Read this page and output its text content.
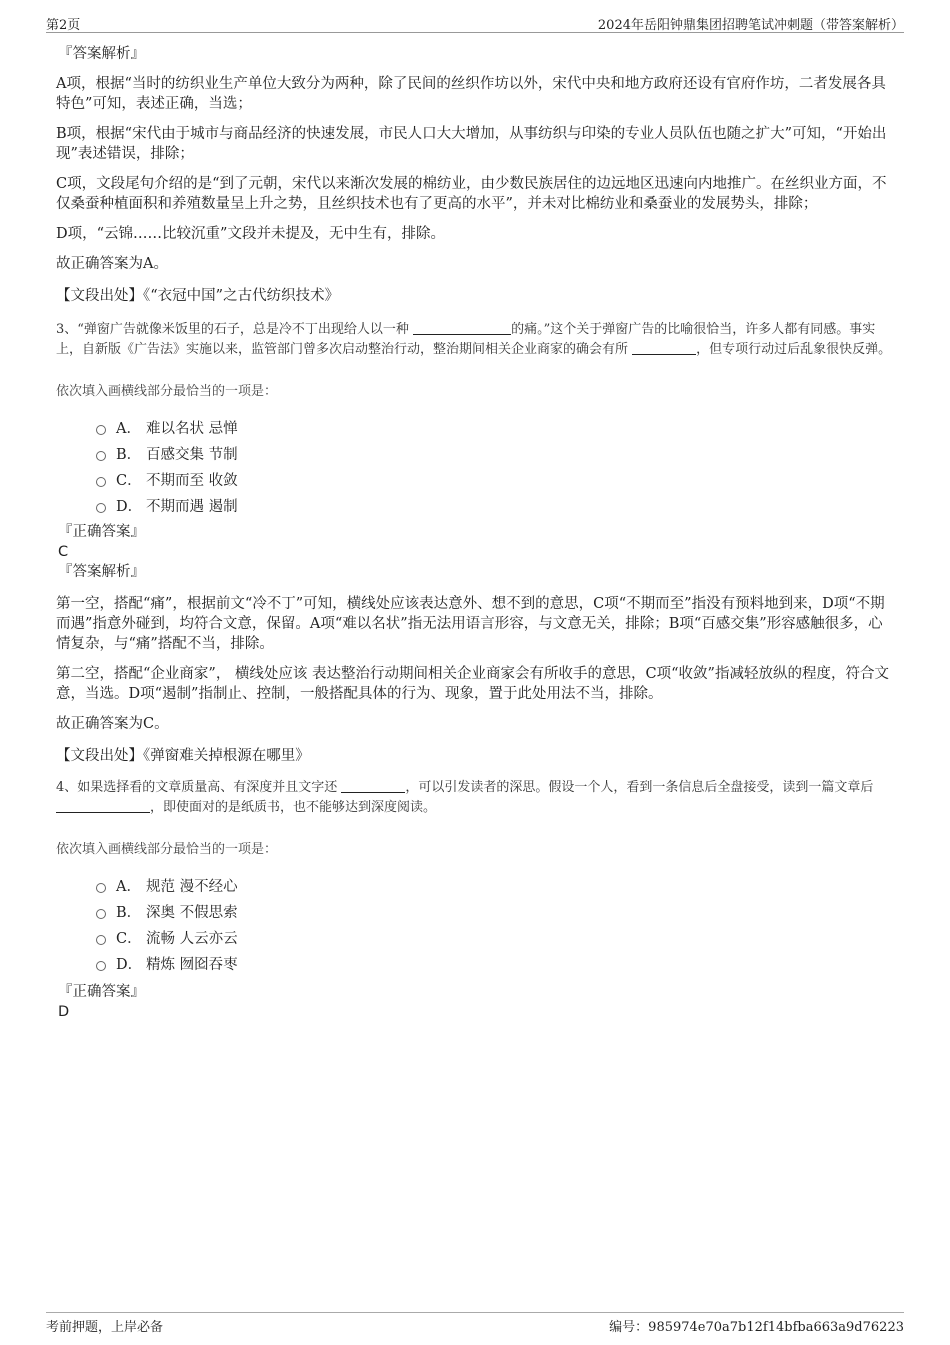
第2页	2024年岳阳钟鼎集团招聘笔试冲刺题（带答案解析）

『答案解析』

A项，根据“当时的纺织业生产单位大致分为两种，除了民间的丝织作坊以外，宋代中央和地方政府还设有官府作坊，二者发展各具特色”可知，表述正确，当选；

B项，根据“宋代由于城市与商品经济的快速发展，市民人口大大增加，从事纺织与印染的专业人员队伍也随之扩大”可知，“开始出现”表述错误，排除；

C项，文段尾句介绍的是“到了元朝，宋代以来渐次发展的棉纺业，由少数民族居住的边远地区迅速向内地推广。在丝织业方面，不仅桑蚕种植面积和养殖数量呈上升之势，且丝织技术也有了更高的水平”，并未对比棉纺业和桑蚕业的发展势头，排除；

D项，“云锦……比较沉重”文段并未提及，无中生有，排除。

故正确答案为A。

【文段出处】《“衣冠中国”之古代纺织技术》

3、“弹窗广告就像米饭里的石子，总是冷不丁出现给人以一种	的痛。”这个关于弹窗广告的比喻很恰当，许多人都有同感。事实上，自新版《广告法》实施以来，监管部门曾多次启动整治行动，整治期间相关企业商家的确会有所	，但专项行动过后乱象很快反弹。

依次填入画横线部分最恰当的一项是：

A． 难以名状 忌惮
B． 百感交集 节制
C． 不期而至 收敛
D． 不期而遇 遏制

『正确答案』

C

『答案解析』

第一空，搭配“痛”，根据前文“冷不丁”可知，横线处应该表达意外、想不到的意思，C项“不期而至”指没有预料地到来，D项“不期而遇”指意外碰到，均符合文意，保留。A项“难以名状”指无法用语言形容，与文意无关，排除；B项“百感交集”形容感触很多，心情复杂，与“痛”搭配不当，排除。

第二空，搭配“企业商家”， 横线处应该 表达整治行动期间相关企业商家会有所收手的意思，C项“收敛”指减轻放纵的程度，符合文意，当选。D项“遏制”指制止、控制，一般搭配具体的行为、现象，置于此处用法不当，排除。

故正确答案为C。

【文段出处】《弹窗难关掉根源在哪里》

4、如果选择看的文章质量高、有深度并且文字还	，可以引发读者的深思。假设一个人，看到一条信息后全盘接受，读到一篇文章后 ，即使面对的是纸质书，也不能够达到深度阅读。

依次填入画横线部分最恰当的一项是：

A． 规范 漫不经心
B． 深奥 不假思索
C． 流畅 人云亦云
D． 精炼 囫囵吞枣

『正确答案』

D

考前押题，上岸必备	编号：985974e70a7b12f14bfba663a9d76223
